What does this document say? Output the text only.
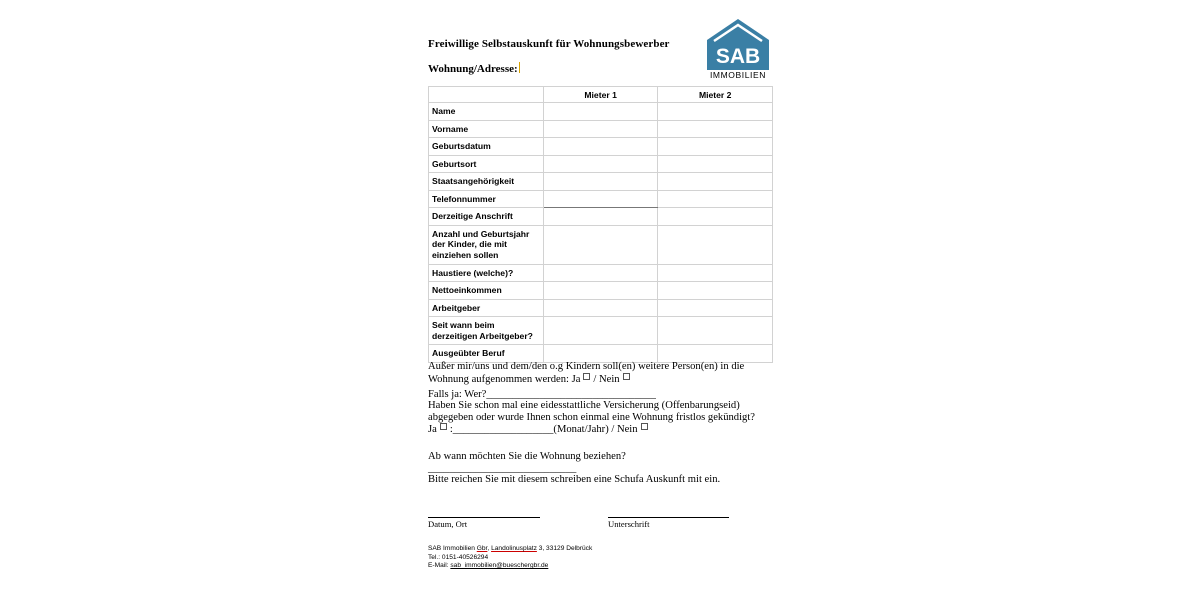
Freiwillige Selbstauskunft für Wohnungsbewerber
Wohnung/Adresse:
SAB
IMMOBILIEN
	Mieter 1	Mieter 2
Name		
Vorname		
Geburtsdatum		
Geburtsort		
Staatsangehörigkeit		
Telefonnummer		
Derzeitige Anschrift		
Anzahl und Geburtsjahr der Kinder, die mit einziehen sollen		
Haustiere (welche)?		
Nettoeinkommen		
Arbeitgeber		
Seit wann beim derzeitigen Arbeitgeber?		
Ausgeübter Beruf		
Außer mir/uns und dem/den o.g Kindern soll(en) weitere Person(en) in die Wohnung aufgenommen werden: Ja / Nein
Falls ja: Wer?________________________________
Haben Sie schon mal eine eidesstattliche Versicherung (Offenbarungseid) abgegeben oder wurde Ihnen schon einmal eine Wohnung fristlos gekündigt?
Ja :___________________(Monat/Jahr) / Nein
Ab wann möchten Sie die Wohnung beziehen?____________________________
Bitte reichen Sie mit diesem schreiben eine Schufa Auskunft mit ein.
Datum, Ort	Unterschrift
SAB Immobilien Gbr, Landolinusplatz 3, 33129 Delbrück
Tel.: 0151-40526294
E-Mail: sab_immobilien@bueschergbr.de
